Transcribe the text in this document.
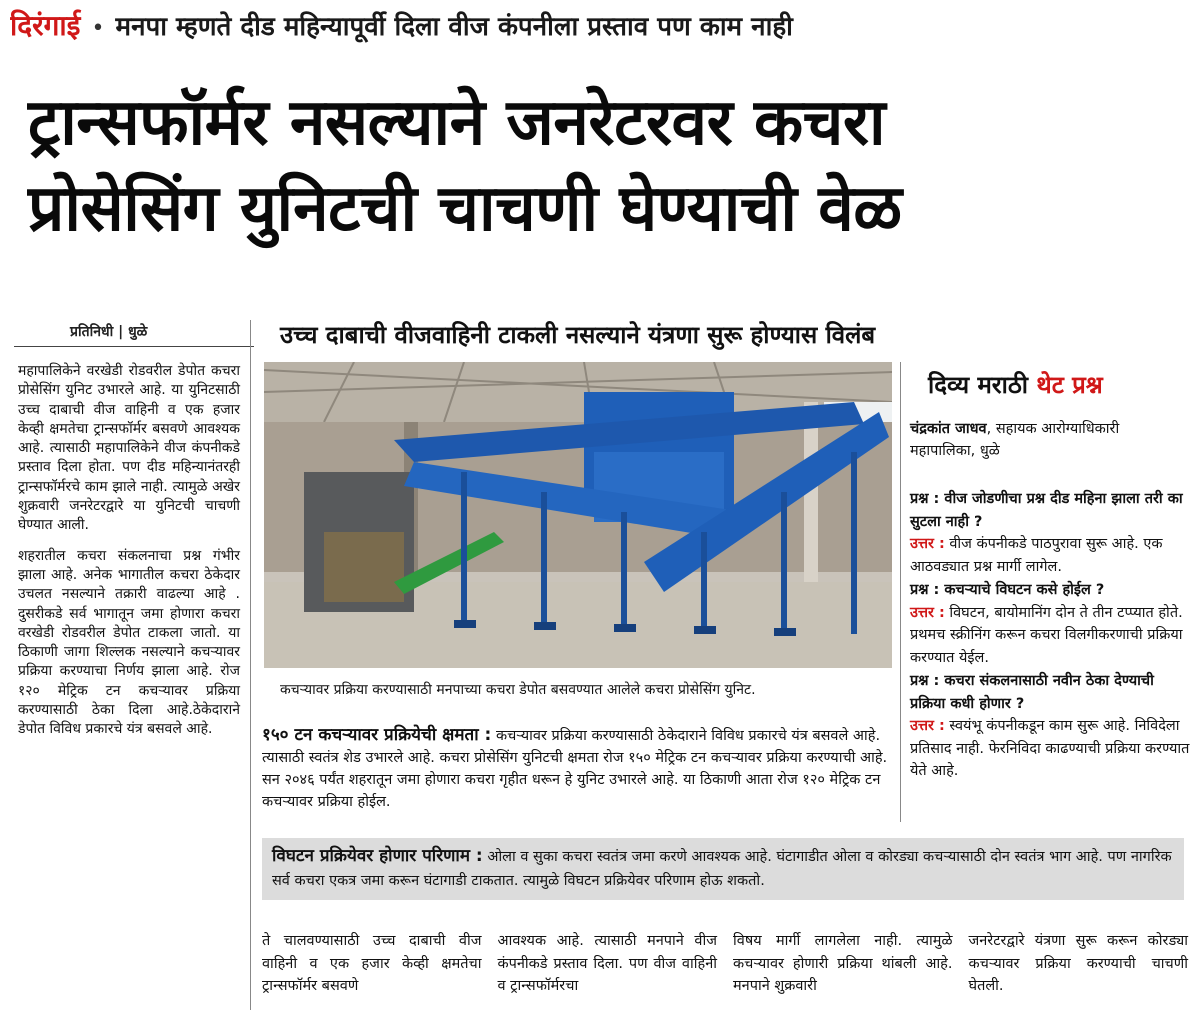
दिरंगाई • मनपा म्हणते दीड महिन्यापूर्वी दिला वीज कंपनीला प्रस्ताव पण काम नाही
ट्रान्सफॉर्मर नसल्याने जनरेटरवर कचरा
प्रोसेसिंग युनिटची चाचणी घेण्याची वेळ
प्रतिनिधी | धुळे

महापालिकेने वरखेडी रोडवरील डेपोत कचरा प्रोसेसिंग युनिट उभारले आहे. या युनिटसाठी उच्च दाबाची वीज वाहिनी व एक हजार केव्ही क्षमतेचा ट्रान्सफॉर्मर बसवणे आवश्यक आहे. त्यासाठी महापालिकेने वीज कंपनीकडे प्रस्ताव दिला होता. पण दीड महिन्यानंतरही ट्रान्सफॉर्मरचे काम झाले नाही. त्यामुळे अखेर शुक्रवारी जनरेटरद्वारे या युनिटची चाचणी घेण्यात आली.

शहरातील कचरा संकलनाचा प्रश्न गंभीर झाला आहे. अनेक भागातील कचरा ठेकेदार उचलत नसल्याने तक्रारी वाढल्या आहे . दुसरीकडे सर्व भागातून जमा होणारा कचरा वरखेडी रोडवरील डेपोत टाकला जातो. या ठिकाणी जागा शिल्लक नसल्याने कचऱ्यावर प्रक्रिया करण्याचा निर्णय झाला आहे. रोज १२० मेट्रिक टन कचऱ्यावर प्रक्रिया करण्यासाठी ठेका दिला आहे.ठेकेदाराने डेपोत विविध प्रकारचे यंत्र बसवले आहे.

उच्च दाबाची वीजवाहिनी टाकली नसल्याने यंत्रणा सुरू होण्यास विलंब
कचऱ्यावर प्रक्रिया करण्यासाठी मनपाच्या कचरा डेपोत बसवण्यात आलेले कचरा प्रोसेसिंग युनिट.
१५० टन कचऱ्यावर प्रक्रियेची क्षमता : कचऱ्यावर प्रक्रिया करण्यासाठी ठेकेदाराने विविध प्रकारचे यंत्र बसवले आहे. त्यासाठी स्वतंत्र शेड उभारले आहे. कचरा प्रोसेसिंग युनिटची क्षमता रोज १५० मेट्रिक टन कचऱ्यावर प्रक्रिया करण्याची आहे. सन २०४६ पर्यंत शहरातून जमा होणारा कचरा गृहीत धरून हे युनिट उभारले आहे. या ठिकाणी आता रोज १२० मेट्रिक टन कचऱ्यावर प्रक्रिया होईल.
दिव्य मराठी थेट प्रश्न
चंद्रकांत जाधव, सहायक आरोग्याधिकारी महापालिका, धुळे
प्रश्न : वीज जोडणीचा प्रश्न दीड महिना झाला तरी का सुटला नाही ?
उत्तर : वीज कंपनीकडे पाठपुरावा सुरू आहे. एक आठवड्यात प्रश्न मार्गी लागेल.
प्रश्न : कचऱ्याचे विघटन कसे होईल ?
उत्तर : विघटन, बायोमानिंग दोन ते तीन टप्प्यात होते. प्रथमच स्क्रीनिंग करून कचरा विलगीकरणाची प्रक्रिया करण्यात येईल.
प्रश्न : कचरा संकलनासाठी नवीन ठेका देण्याची प्रक्रिया कधी होणार ?
उत्तर : स्वयंभू कंपनीकडून काम सुरू आहे. निविदेला प्रतिसाद नाही. फेरनिविदा काढण्याची प्रक्रिया करण्यात येते आहे.
विघटन प्रक्रियेवर होणार परिणाम : ओला व सुका कचरा स्वतंत्र जमा करणे आवश्यक आहे. घंटागाडीत ओला व कोरड्या कचऱ्यासाठी दोन स्वतंत्र भाग आहे. पण नागरिक सर्व कचरा एकत्र जमा करून घंटागाडी टाकतात. त्यामुळे विघटन प्रक्रियेवर परिणाम होऊ शकतो.
ते चालवण्यासाठी उच्च दाबाची वीज वाहिनी व एक हजार केव्ही क्षमतेचा ट्रान्सफॉर्मर बसवणे
आवश्यक आहे. त्यासाठी मनपाने वीज कंपनीकडे प्रस्ताव दिला. पण वीज वाहिनी व ट्रान्सफॉर्मरचा
विषय मार्गी लागलेला नाही. त्यामुळे कचऱ्यावर होणारी प्रक्रिया थांबली आहे. मनपाने शुक्रवारी
जनरेटरद्वारे यंत्रणा सुरू करून कोरड्या कचऱ्यावर प्रक्रिया करण्याची चाचणी घेतली.
